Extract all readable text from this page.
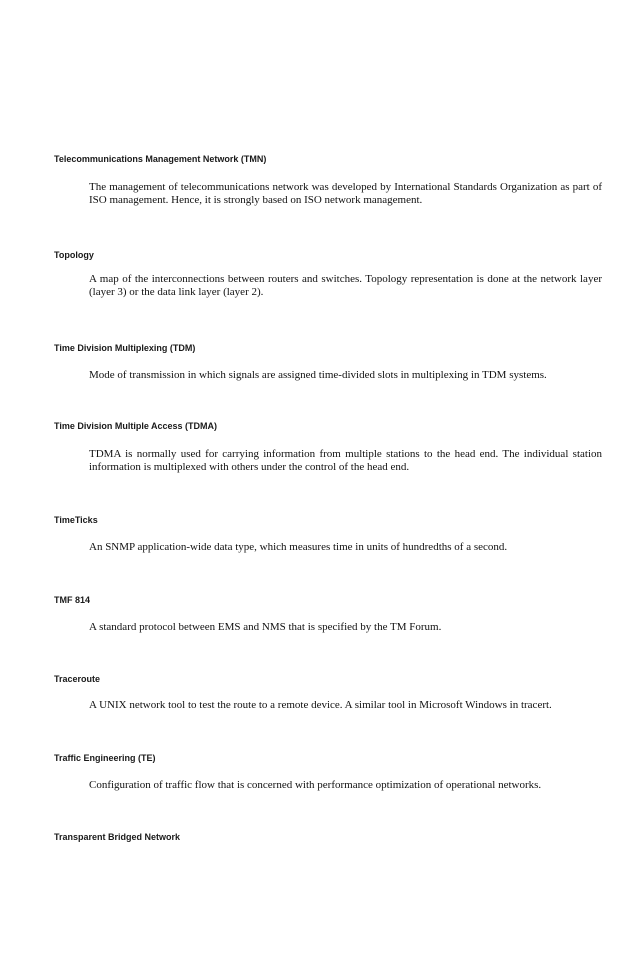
Telecommunications Management Network (TMN)
The management of telecommunications network was developed by International Standards Organization as part of ISO management. Hence, it is strongly based on ISO network management.
Topology
A map of the interconnections between routers and switches. Topology representation is done at the network layer (layer 3) or the data link layer (layer 2).
Time Division Multiplexing (TDM)
Mode of transmission in which signals are assigned time-divided slots in multiplexing in TDM systems.
Time Division Multiple Access (TDMA)
TDMA is normally used for carrying information from multiple stations to the head end. The individual station information is multiplexed with others under the control of the head end.
TimeTicks
An SNMP application-wide data type, which measures time in units of hundredths of a second.
TMF 814
A standard protocol between EMS and NMS that is specified by the TM Forum.
Traceroute
A UNIX network tool to test the route to a remote device. A similar tool in Microsoft Windows in tracert.
Traffic Engineering (TE)
Configuration of traffic flow that is concerned with performance optimization of operational networks.
Transparent Bridged Network
